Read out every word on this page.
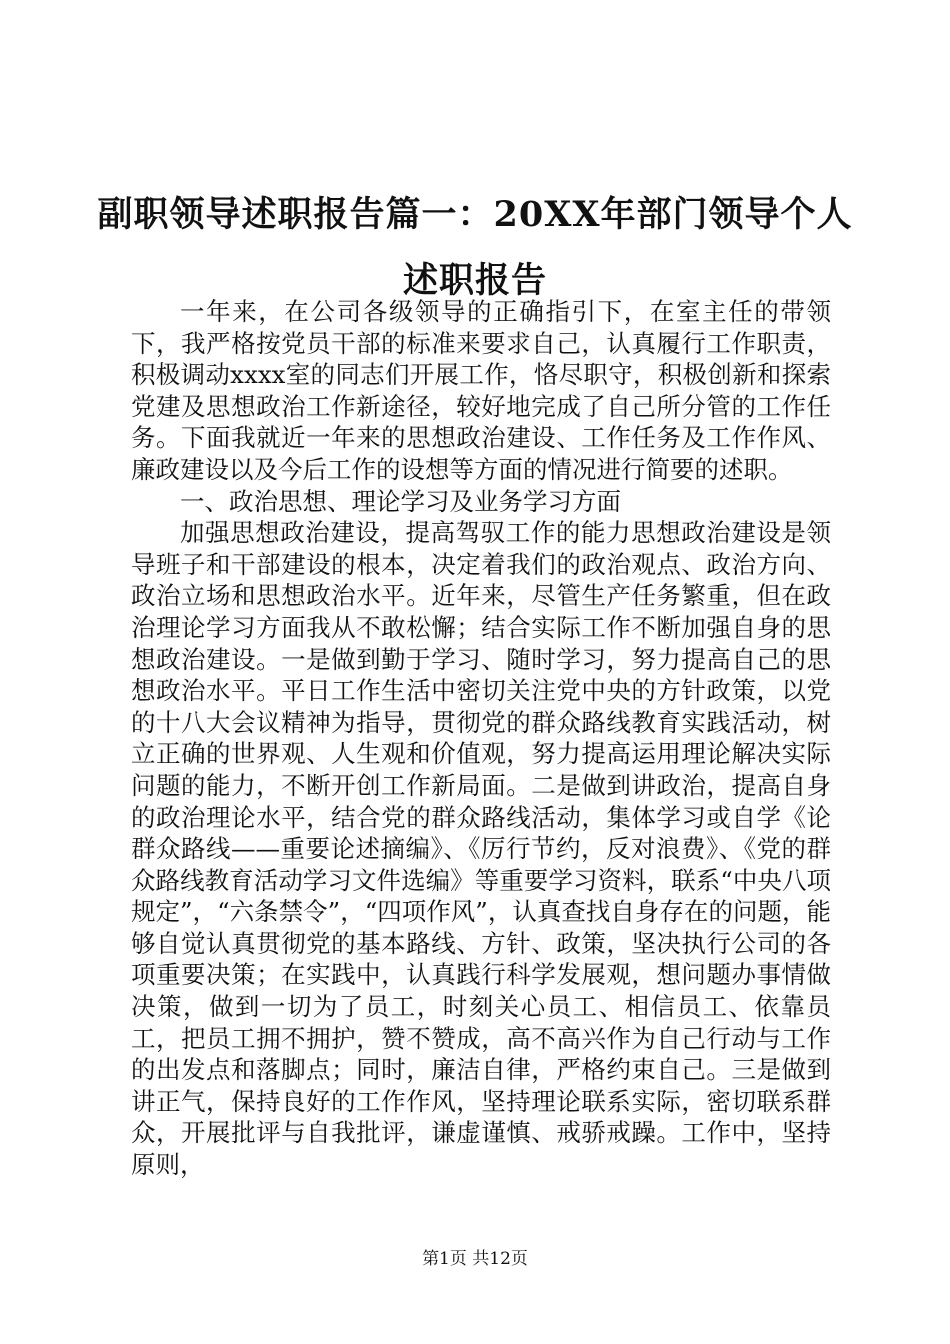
副职领导述职报告篇一：20XX年部门领导个人述职报告

一年来，在公司各级领导的正确指引下，在室主任的带领下，我严格按党员干部的标准来要求自己，认真履行工作职责，积极调动xxxx室的同志们开展工作，恪尽职守，积极创新和探索党建及思想政治工作新途径，较好地完成了自己所分管的工作任务。下面我就近一年来的思想政治建设、工作任务及工作作风、廉政建设以及今后工作的设想等方面的情况进行简要的述职。

一、政治思想、理论学习及业务学习方面

加强思想政治建设，提高驾驭工作的能力思想政治建设是领导班子和干部建设的根本，决定着我们的政治观点、政治方向、政治立场和思想政治水平。近年来，尽管生产任务繁重，但在政治理论学习方面我从不敢松懈；结合实际工作不断加强自身的思想政治建设。一是做到勤于学习、随时学习，努力提高自己的思想政治水平。平日工作生活中密切关注党中央的方针政策，以党的十八大会议精神为指导，贯彻党的群众路线教育实践活动，树立正确的世界观、人生观和价值观，努力提高运用理论解决实际问题的能力，不断开创工作新局面。二是做到讲政治，提高自身的政治理论水平，结合党的群众路线活动，集体学习或自学《论群众路线——重要论述摘编》、《厉行节约，反对浪费》、《党的群众路线教育活动学习文件选编》等重要学习资料，联系“中央八项规定”，“六条禁令”，“四项作风”，认真查找自身存在的问题，能够自觉认真贯彻党的基本路线、方针、政策，坚决执行公司的各项重要决策；在实践中，认真践行科学发展观，想问题办事情做决策，做到一切为了员工，时刻关心员工、相信员工、依靠员工，把员工拥不拥护，赞不赞成，高不高兴作为自己行动与工作的出发点和落脚点；同时，廉洁自律，严格约束自己。三是做到讲正气，保持良好的工作作风，坚持理论联系实际，密切联系群众，开展批评与自我批评，谦虚谨慎、戒骄戒躁。工作中，坚持原则，

第1页 共12页
